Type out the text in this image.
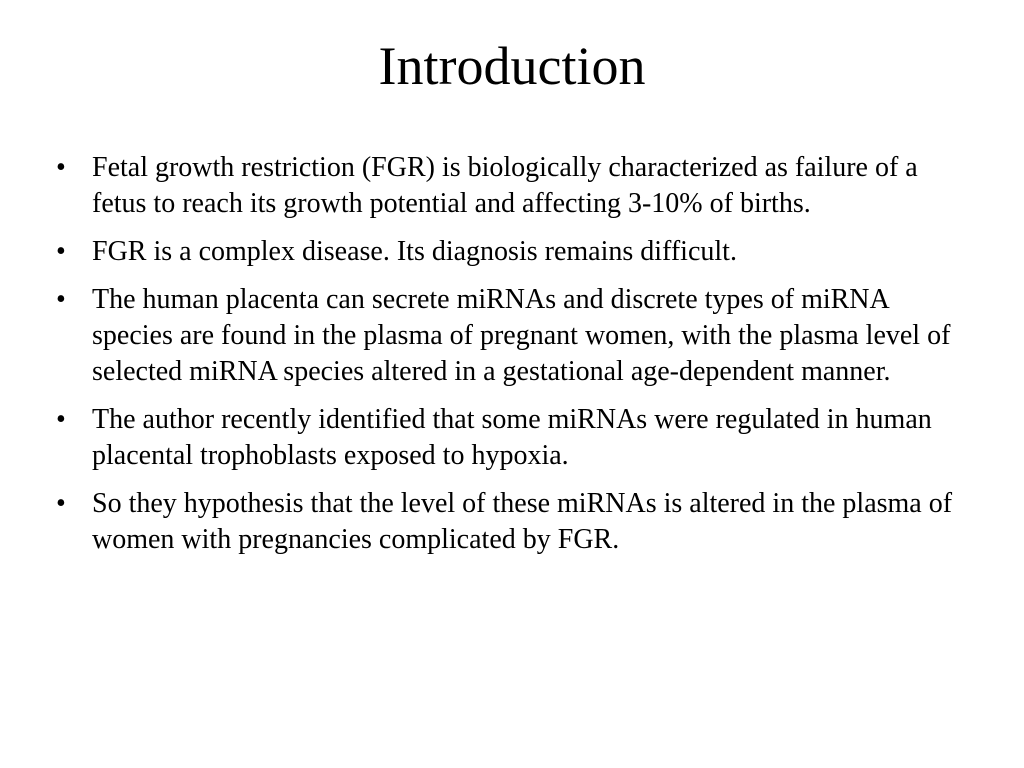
Introduction
• Fetal growth restriction (FGR) is biologically characterized as failure of a fetus to reach its growth potential and affecting 3-10% of births.
• FGR is a complex disease. Its diagnosis remains difficult.
• The human placenta can secrete miRNAs and discrete types of miRNA species are found in the plasma of pregnant women, with the plasma level of selected miRNA species altered in a gestational age-dependent manner.
• The author recently identified that some miRNAs were regulated in human placental trophoblasts exposed to hypoxia.
• So they hypothesis that the level of these miRNAs is altered in the plasma of women with pregnancies complicated by FGR.
